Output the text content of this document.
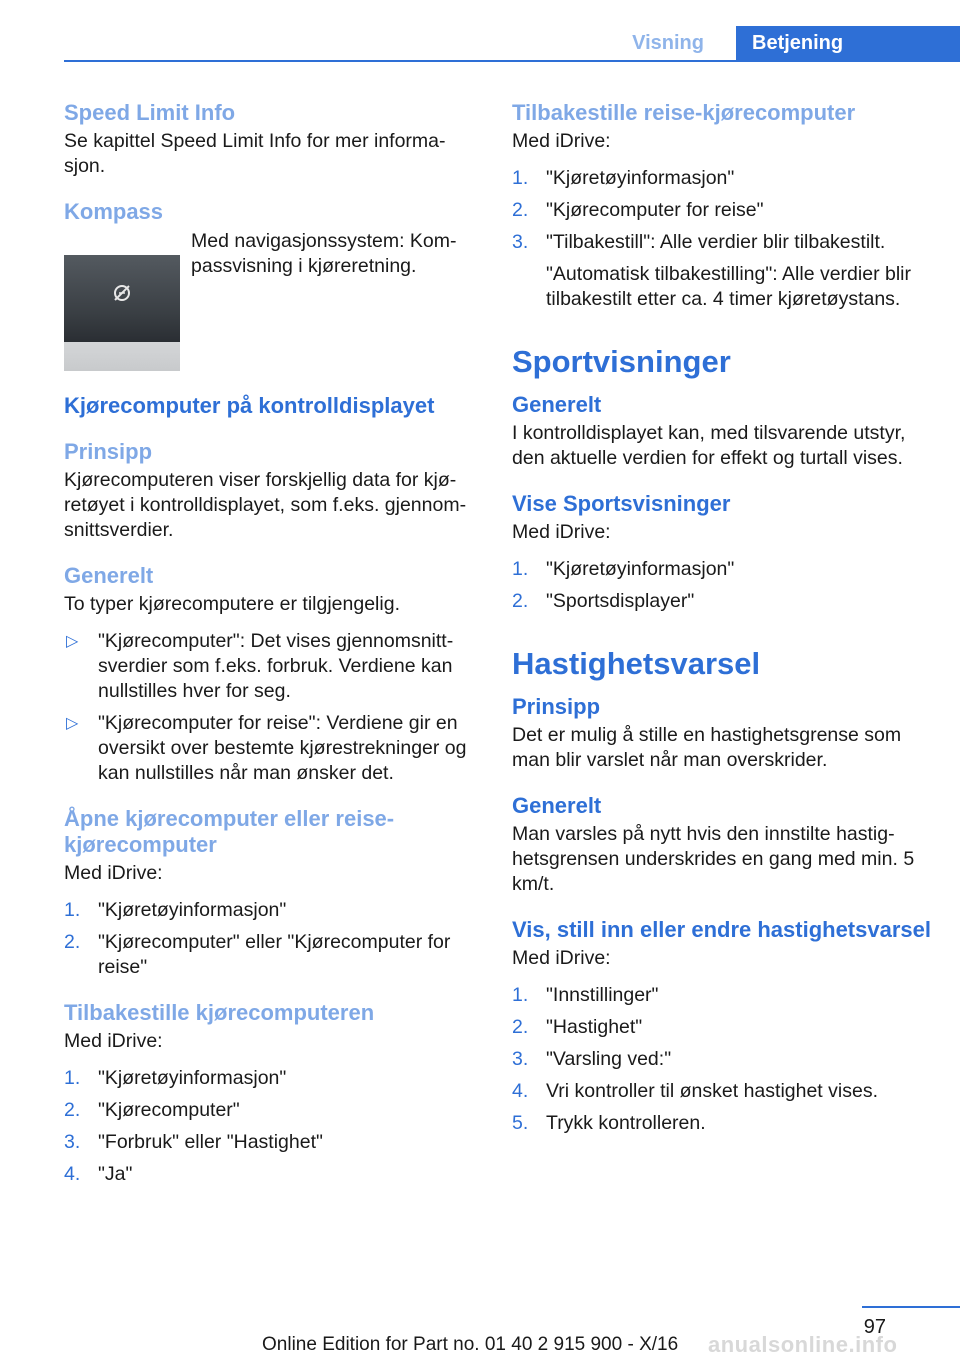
Visning	Betjening
Speed Limit Info
Se kapittel Speed Limit Info for mer informa-sjon.
Kompass
Med navigasjonssystem: Kom-passvisning i kjøreretning.
Kjørecomputer på kontrolldisplayet
Prinsipp
Kjørecomputeren viser forskjellig data for kjø-retøyet i kontrolldisplayet, som f.eks. gjennom-snittsverdier.
Generelt
To typer kjørecomputere er tilgjengelig.
▷ "Kjørecomputer": Det vises gjennomsnitt-sverdier som f.eks. forbruk. Verdiene kan nullstilles hver for seg.
▷ "Kjørecomputer for reise": Verdiene gir en oversikt over bestemte kjørestrekninger og kan nullstilles når man ønsker det.
Åpne kjørecomputer eller reise-kjørecomputer
Med iDrive:
1. "Kjøretøyinformasjon"
2. "Kjørecomputer" eller "Kjørecomputer for reise"
Tilbakestille kjørecomputeren
Med iDrive:
1. "Kjøretøyinformasjon"
2. "Kjørecomputer"
3. "Forbruk" eller "Hastighet"
4. "Ja"
Tilbakestille reise-kjørecomputer
Med iDrive:
1. "Kjøretøyinformasjon"
2. "Kjørecomputer for reise"
3. "Tilbakestill": Alle verdier blir tilbakestilt.
"Automatisk tilbakestilling": Alle verdier blir tilbakestilt etter ca. 4 timer kjøretøystans.
Sportvisninger
Generelt
I kontrolldisplayet kan, med tilsvarende utstyr, den aktuelle verdien for effekt og turtall vises.
Vise Sportsvisninger
Med iDrive:
1. "Kjøretøyinformasjon"
2. "Sportsdisplayer"
Hastighetsvarsel
Prinsipp
Det er mulig å stille en hastighetsgrense som man blir varslet når man overskrider.
Generelt
Man varsles på nytt hvis den innstilte hastig-hetsgrensen underskrides en gang med min. 5 km/t.
Vis, still inn eller endre hastighetsvarsel
Med iDrive:
1. "Innstillinger"
2. "Hastighet"
3. "Varsling ved:"
4. Vri kontroller til ønsket hastighet vises.
5. Trykk kontrolleren.
97
anualsonline.info
Online Edition for Part no. 01 40 2 915 900 - X/16
